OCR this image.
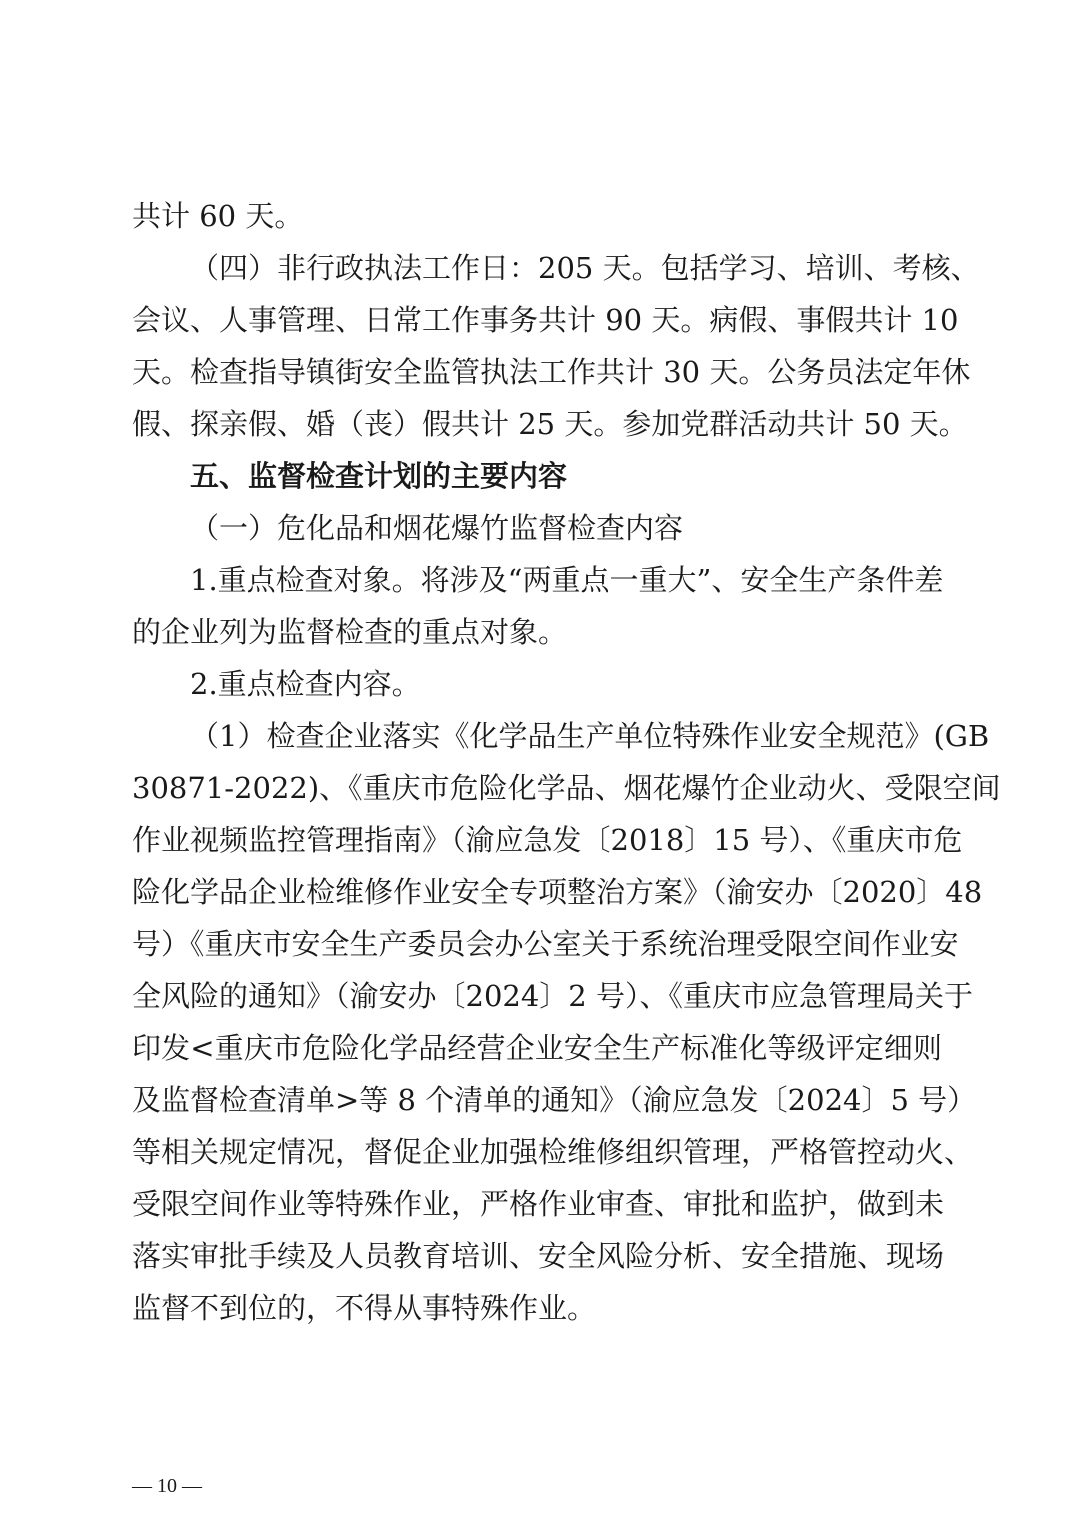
共计 60 天。
（四）非行政执法工作日：205 天。包括学习、培训、考核、
会议、人事管理、日常工作事务共计 90 天。病假、事假共计 10
天。检查指导镇街安全监管执法工作共计 30 天。公务员法定年休
假、探亲假、婚（丧）假共计 25 天。参加党群活动共计 50 天。
五、监督检查计划的主要内容
（一）危化品和烟花爆竹监督检查内容
1.重点检查对象。将涉及“两重点一重大”、安全生产条件差
的企业列为监督检查的重点对象。
2.重点检查内容。
（1）检查企业落实《化学品生产单位特殊作业安全规范》(GB
30871-2022)、《重庆市危险化学品、烟花爆竹企业动火、受限空间
作业视频监控管理指南》（渝应急发〔2018〕15 号）、《重庆市危
险化学品企业检维修作业安全专项整治方案》（渝安办〔2020〕48
号）《重庆市安全生产委员会办公室关于系统治理受限空间作业安
全风险的通知》（渝安办〔2024〕2 号）、《重庆市应急管理局关于
印发<重庆市危险化学品经营企业安全生产标准化等级评定细则
及监督检查清单>等 8 个清单的通知》（渝应急发〔2024〕5 号）
等相关规定情况，督促企业加强检维修组织管理，严格管控动火、
受限空间作业等特殊作业，严格作业审查、审批和监护，做到未
落实审批手续及人员教育培训、安全风险分析、安全措施、现场
监督不到位的，不得从事特殊作业。
— 10 —
